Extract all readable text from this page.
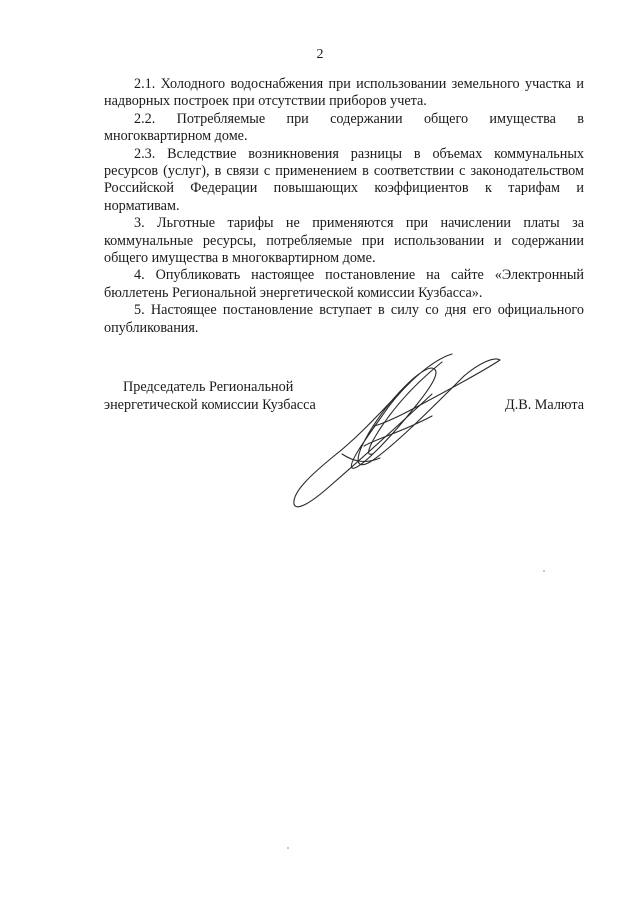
2

2.1. Холодного водоснабжения при использовании земельного участка и надворных построек при отсутствии приборов учета.

2.2. Потребляемые при содержании общего имущества в многоквартирном доме.

2.3. Вследствие возникновения разницы в объемах коммунальных ресурсов (услуг), в связи с применением в соответствии с законодательством Российской Федерации повышающих коэффициентов к тарифам и нормативам.

3. Льготные тарифы не применяются при начислении платы за коммунальные ресурсы, потребляемые при использовании и содержании общего имущества в многоквартирном доме.

4. Опубликовать настоящее постановление на сайте «Электронный бюллетень Региональной энергетической комиссии Кузбасса».

5. Настоящее постановление вступает в силу со дня его официального опубликования.

Председатель Региональной
энергетической комиссии Кузбасса	Д.В. Малюта
